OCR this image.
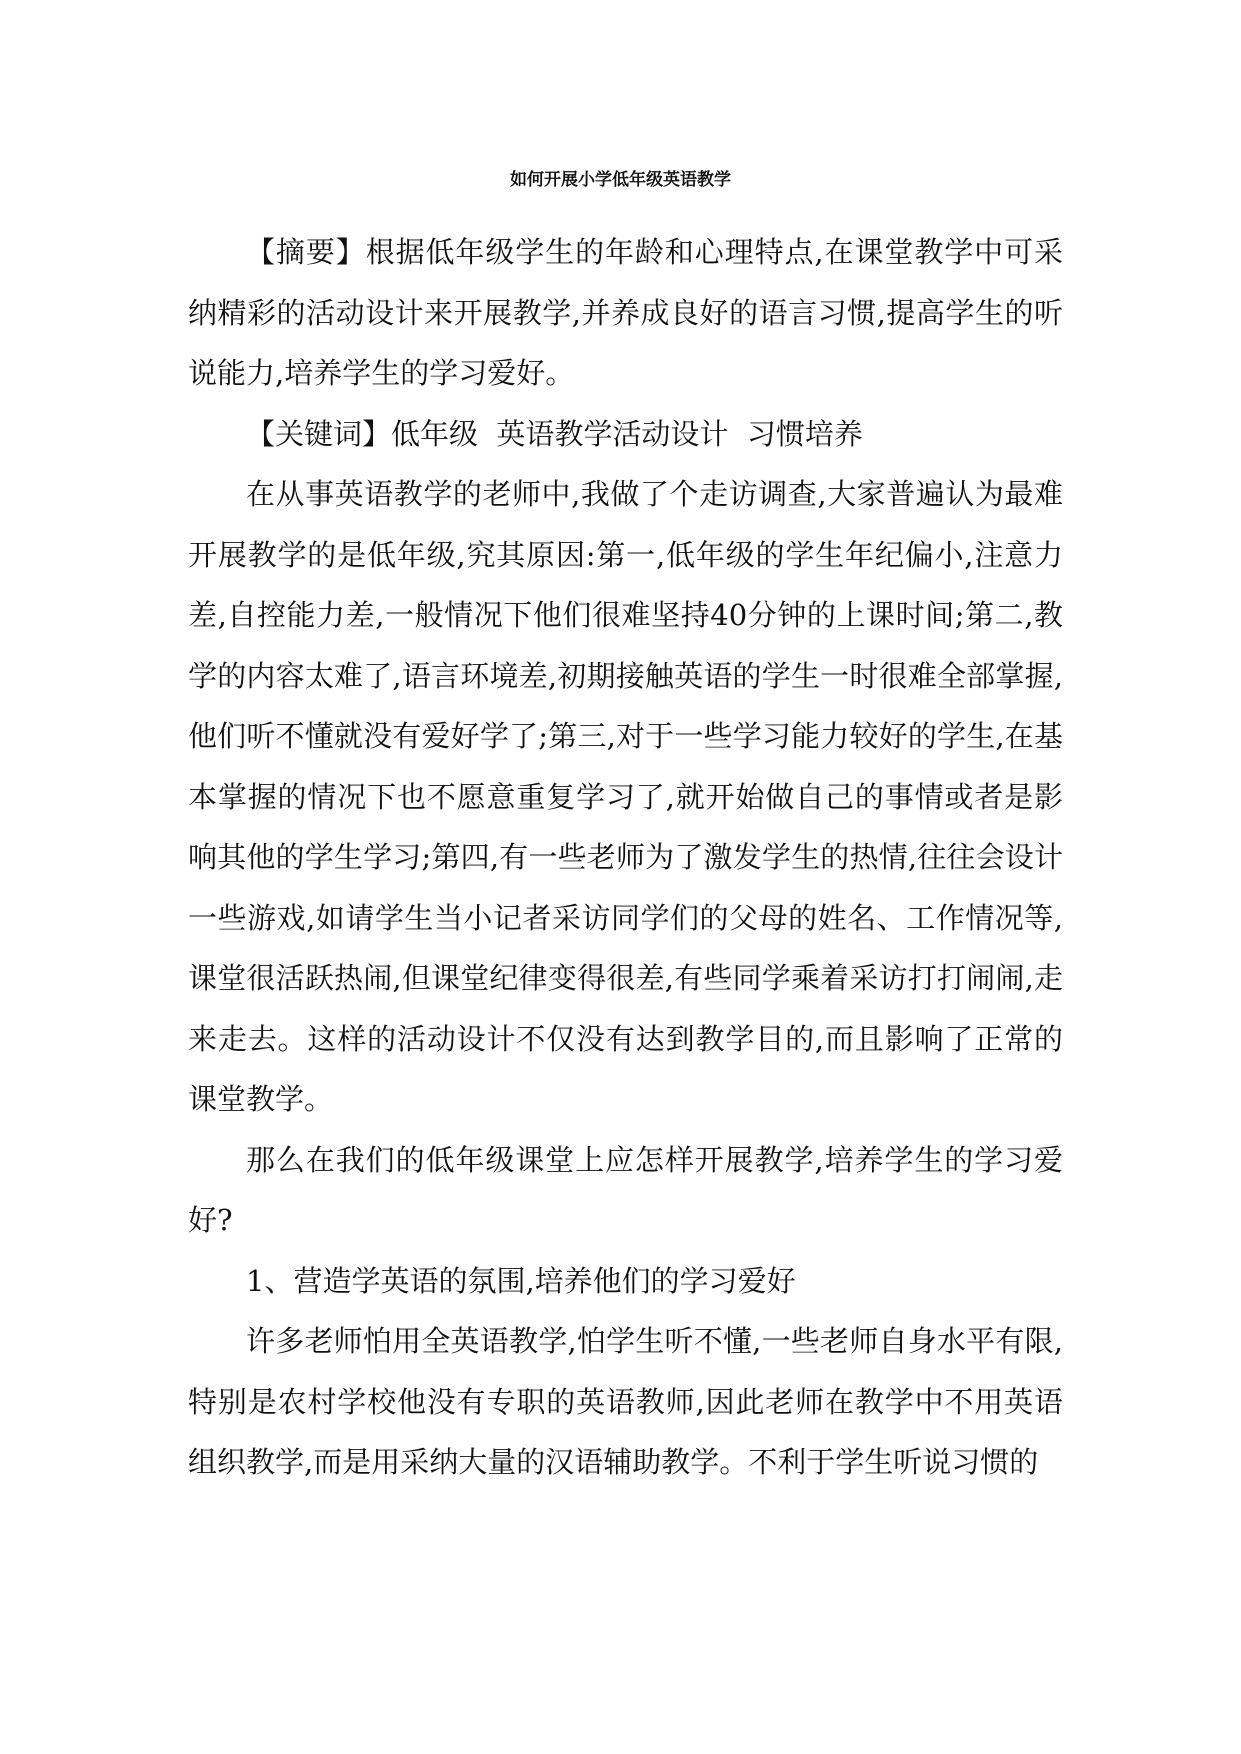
如何开展小学低年级英语教学

【摘要】根据低年级学生的年龄和心理特点,在课堂教学中可采纳精彩的活动设计来开展教学,并养成良好的语言习惯,提高学生的听说能力,培养学生的学习爱好。

【关键词】低年级  英语教学活动设计  习惯培养

在从事英语教学的老师中,我做了个走访调查,大家普遍认为最难开展教学的是低年级,究其原因:第一,低年级的学生年纪偏小,注意力差,自控能力差,一般情况下他们很难坚持40分钟的上课时间;第二,教学的内容太难了,语言环境差,初期接触英语的学生一时很难全部掌握,他们听不懂就没有爱好学了;第三,对于一些学习能力较好的学生,在基本掌握的情况下也不愿意重复学习了,就开始做自己的事情或者是影响其他的学生学习;第四,有一些老师为了激发学生的热情,往往会设计一些游戏,如请学生当小记者采访同学们的父母的姓名、工作情况等,课堂很活跃热闹,但课堂纪律变得很差,有些同学乘着采访打打闹闹,走来走去。这样的活动设计不仅没有达到教学目的,而且影响了正常的课堂教学。

那么在我们的低年级课堂上应怎样开展教学,培养学生的学习爱好?

1、营造学英语的氛围,培养他们的学习爱好

许多老师怕用全英语教学,怕学生听不懂,一些老师自身水平有限,特别是农村学校他没有专职的英语教师,因此老师在教学中不用英语组织教学,而是用采纳大量的汉语辅助教学。不利于学生听说习惯的
